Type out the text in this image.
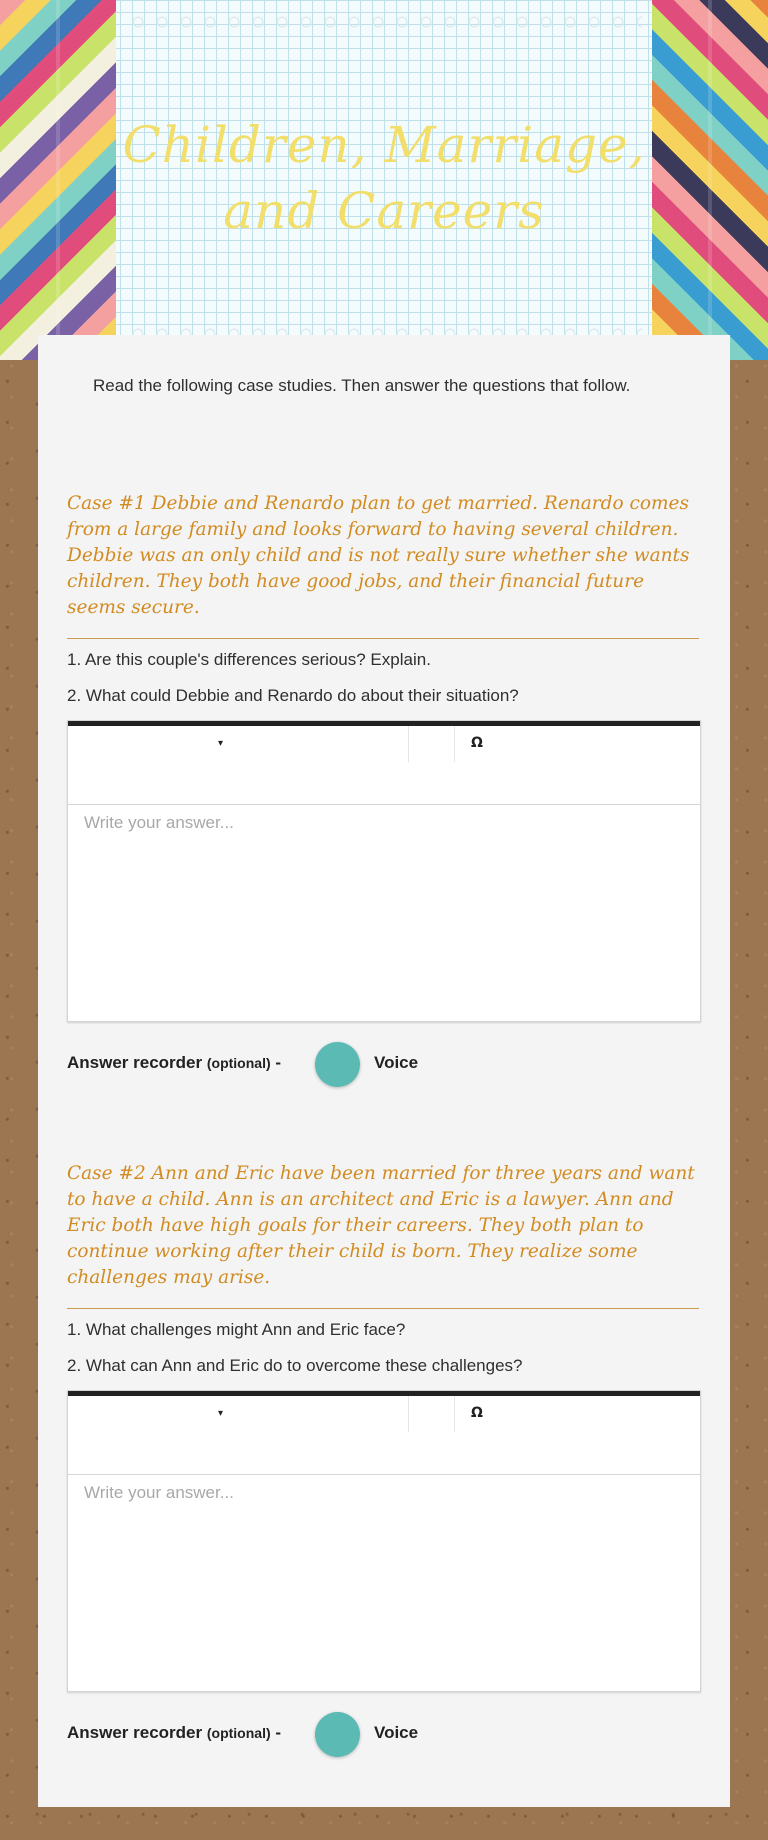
Children, Marriage, and Careers
Read the following case studies. Then answer the questions that follow.
Case #1 Debbie and Renardo plan to get married. Renardo comes from a large family and looks forward to having several children. Debbie was an only child and is not really sure whether she wants children. They both have good jobs, and their financial future seems secure.
1. Are this couple's differences serious? Explain.
2. What could Debbie and Renardo do about their situation?
▾	Ω
Write your answer...
Answer recorder (optional) -	Voice
Case #2 Ann and Eric have been married for three years and want to have a child. Ann is an architect and Eric is a lawyer. Ann and Eric both have high goals for their careers. They both plan to continue working after their child is born. They realize some challenges may arise.
1. What challenges might Ann and Eric face?
2. What can Ann and Eric do to overcome these challenges?
▾	Ω
Write your answer...
Answer recorder (optional) -	Voice
